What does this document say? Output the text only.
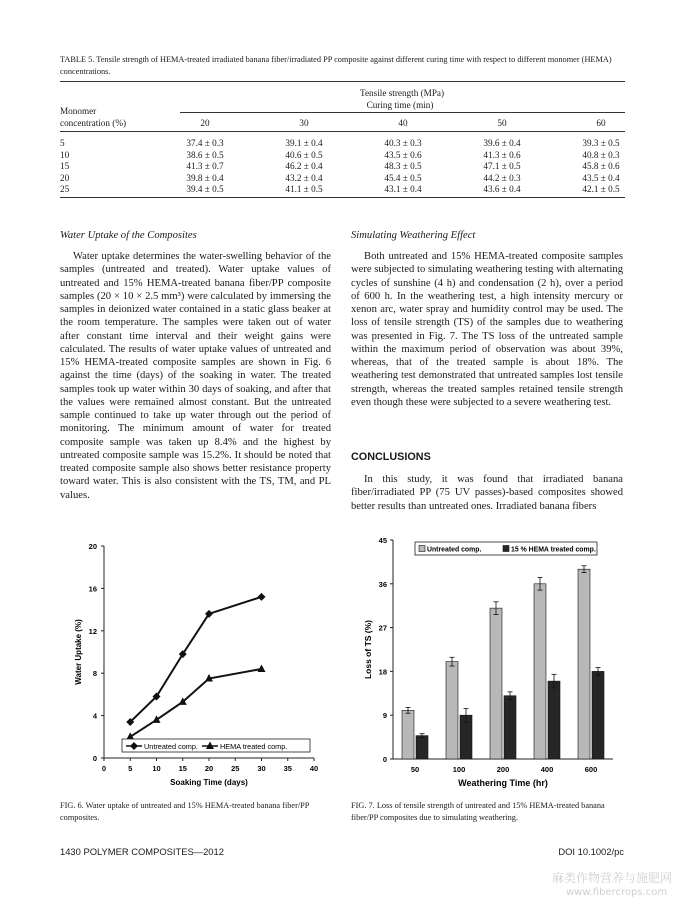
TABLE 5. Tensile strength of HEMA-treated irradiated banana fiber/irradiated PP composite against different curing time with respect to different monomer (HEMA) concentrations.
Tensile strength (MPa)
Curing time (min)
Monomer
concentration (%)	20	30	40	50	60
5	37.4 ± 0.3	39.1 ± 0.4	40.3 ± 0.3	39.6 ± 0.4	39.3 ± 0.5
10	38.6 ± 0.5	40.6 ± 0.5	43.5 ± 0.6	41.3 ± 0.6	40.8 ± 0.3
15	41.3 ± 0.7	46.2 ± 0.4	48.3 ± 0.5	47.1 ± 0.5	45.8 ± 0.6
20	39.8 ± 0.4	43.2 ± 0.4	45.4 ± 0.5	44.2 ± 0.3	43.5 ± 0.4
25	39.4 ± 0.5	41.1 ± 0.5	43.1 ± 0.4	43.6 ± 0.4	42.1 ± 0.5
Water Uptake of the Composites
Water uptake determines the water-swelling behavior of the samples (untreated and treated). Water uptake values of untreated and 15% HEMA-treated banana fiber/PP composite samples (20 × 10 × 2.5 mm³) were calculated by immersing the samples in deionized water contained in a static glass beaker at the room temperature. The samples were taken out of water after constant time interval and their weight gains were calculated. The results of water uptake values of untreated and 15% HEMA-treated composite samples are shown in Fig. 6 against the time (days) of the soaking in water. The treated samples took up water within 30 days of soaking, and after that the values were remained almost constant. But the untreated sample continued to take up water through out the period of monitoring. The minimum amount of water for treated composite sample was taken up 8.4% and the highest by untreated composite sample was 15.2%. It should be noted that treated composite sample also shows better resistance property toward water. This is also consistent with the TS, TM, and PL values.
Simulating Weathering Effect
Both untreated and 15% HEMA-treated composite samples were subjected to simulating weathering testing with alternating cycles of sunshine (4 h) and condensation (2 h), over a period of 600 h. In the weathering test, a high intensity mercury or xenon arc, water spray and humidity control may be used. The loss of tensile strength (TS) of the samples due to weathering was presented in Fig. 7. The TS loss of the untreated sample within the maximum period of observation was about 39%, whereas, that of the treated sample is about 18%. The weathering test demonstrated that untreated samples lost tensile strength, whereas the treated samples retained tensile strength even though these were subjected to a severe weathering test.
CONCLUSIONS
In this study, it was found that irradiated banana fiber/irradiated PP (75 UV passes)-based composites showed better results than untreated ones. Irradiated banana fibers
0
4
8
12
16
20
0	5	10 15 20 25 30 35 40
Soaking Time (days)
Water Uptake (%)
Untreated comp.	HEMA treated comp.
FIG. 6. Water uptake of untreated and 15% HEMA-treated banana fiber/PP composites.
0
9
18
27
36
45
Loss of TS (%)
50	100	200	400	600
Weathering Time (hr)
Untreated comp.	15 % HEMA treated comp.
FIG. 7. Loss of tensile strength of untreated and 15% HEMA-treated banana fiber/PP composites due to simulating weathering.
1430 POLYMER COMPOSITES—2012	DOI 10.1002/pc
麻类作物营养与施肥网
www.fibercrops.com
